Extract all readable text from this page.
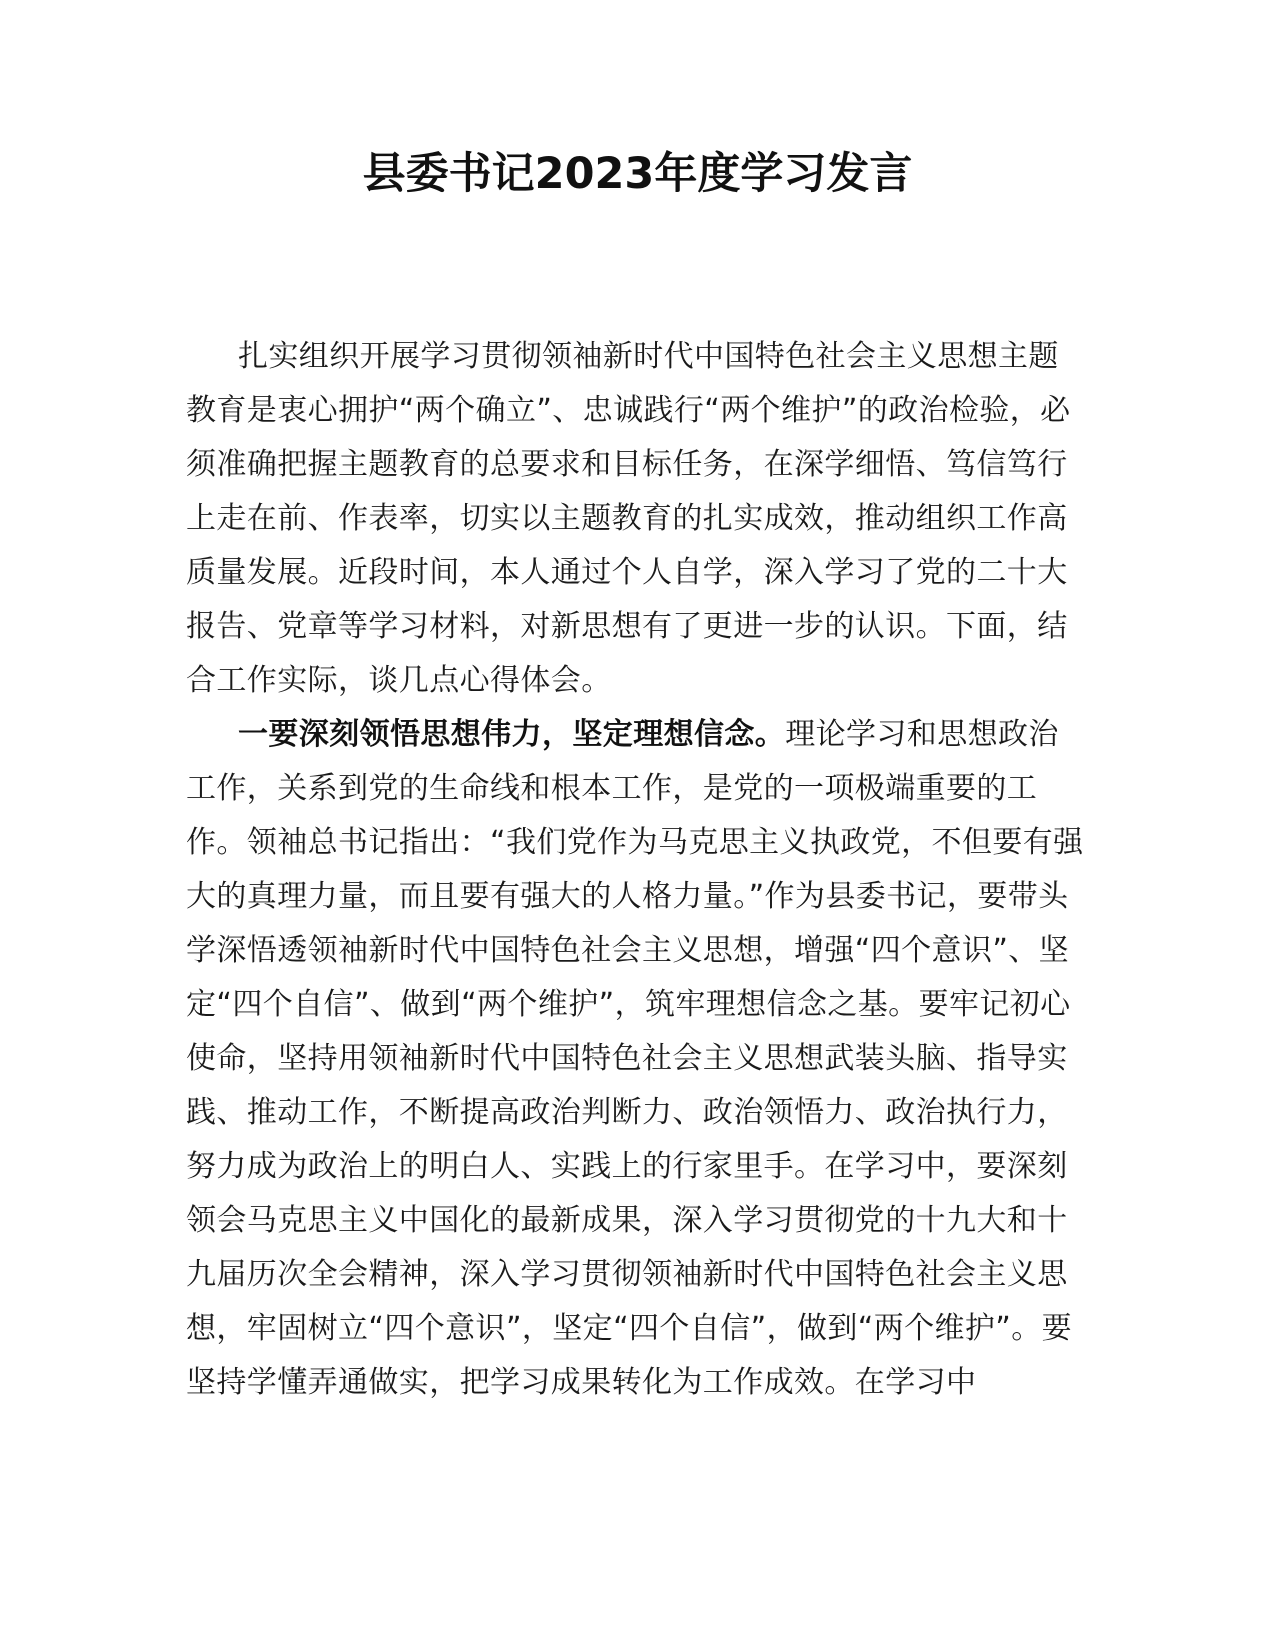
县委书记2023年度学习发言

扎实组织开展学习贯彻领袖新时代中国特色社会主义思想主题教育是衷心拥护“两个确立”、忠诚践行“两个维护”的政治检验，必须准确把握主题教育的总要求和目标任务，在深学细悟、笃信笃行上走在前、作表率，切实以主题教育的扎实成效，推动组织工作高质量发展。近段时间，本人通过个人自学，深入学习了党的二十大报告、党章等学习材料，对新思想有了更进一步的认识。下面，结合工作实际，谈几点心得体会。

一要深刻领悟思想伟力，坚定理想信念。理论学习和思想政治工作，关系到党的生命线和根本工作，是党的一项极端重要的工作。领袖总书记指出：“我们党作为马克思主义执政党，不但要有强大的真理力量，而且要有强大的人格力量。”作为县委书记，要带头学深悟透领袖新时代中国特色社会主义思想，增强“四个意识”、坚定“四个自信”、做到“两个维护”，筑牢理想信念之基。要牢记初心使命，坚持用领袖新时代中国特色社会主义思想武装头脑、指导实践、推动工作，不断提高政治判断力、政治领悟力、政治执行力，努力成为政治上的明白人、实践上的行家里手。在学习中，要深刻领会马克思主义中国化的最新成果，深入学习贯彻党的十九大和十九届历次全会精神，深入学习贯彻领袖新时代中国特色社会主义思想，牢固树立“四个意识”，坚定“四个自信”，做到“两个维护”。要坚持学懂弄通做实，把学习成果转化为工作成效。在学习中
